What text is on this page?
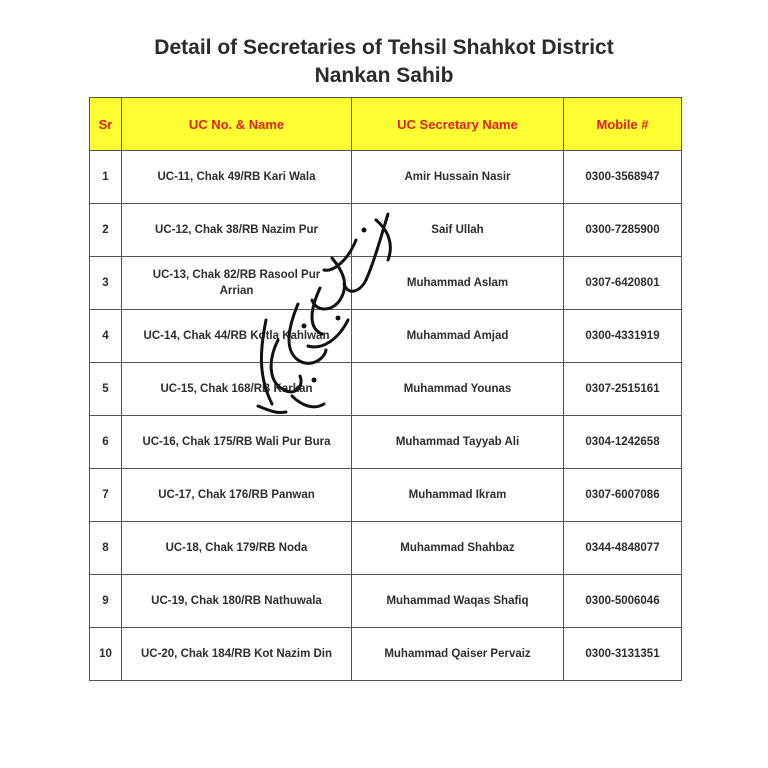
Detail of Secretaries of Tehsil Shahkot District
Nankan Sahib
Sr	UC No. & Name	UC Secretary Name	Mobile #
1	UC-11, Chak 49/RB Kari Wala	Amir Hussain Nasir	0300-3568947
2	UC-12, Chak 38/RB Nazim Pur	Saif Ullah	0300-7285900
3	UC-13, Chak 82/RB Rasool Pur Arrian	Muhammad Aslam	0307-6420801
4	UC-14, Chak 44/RB Kotla Kahlwan	Muhammad Amjad	0300-4331919
5	UC-15, Chak 168/RB Karkan	Muhammad Younas	0307-2515161
6	UC-16, Chak 175/RB Wali Pur Bura	Muhammad Tayyab Ali	0304-1242658
7	UC-17, Chak 176/RB Panwan	Muhammad Ikram	0307-6007086
8	UC-18, Chak 179/RB Noda	Muhammad Shahbaz	0344-4848077
9	UC-19, Chak 180/RB Nathuwala	Muhammad Waqas Shafiq	0300-5006046
10	UC-20, Chak 184/RB Kot Nazim Din	Muhammad Qaiser Pervaiz	0300-3131351
